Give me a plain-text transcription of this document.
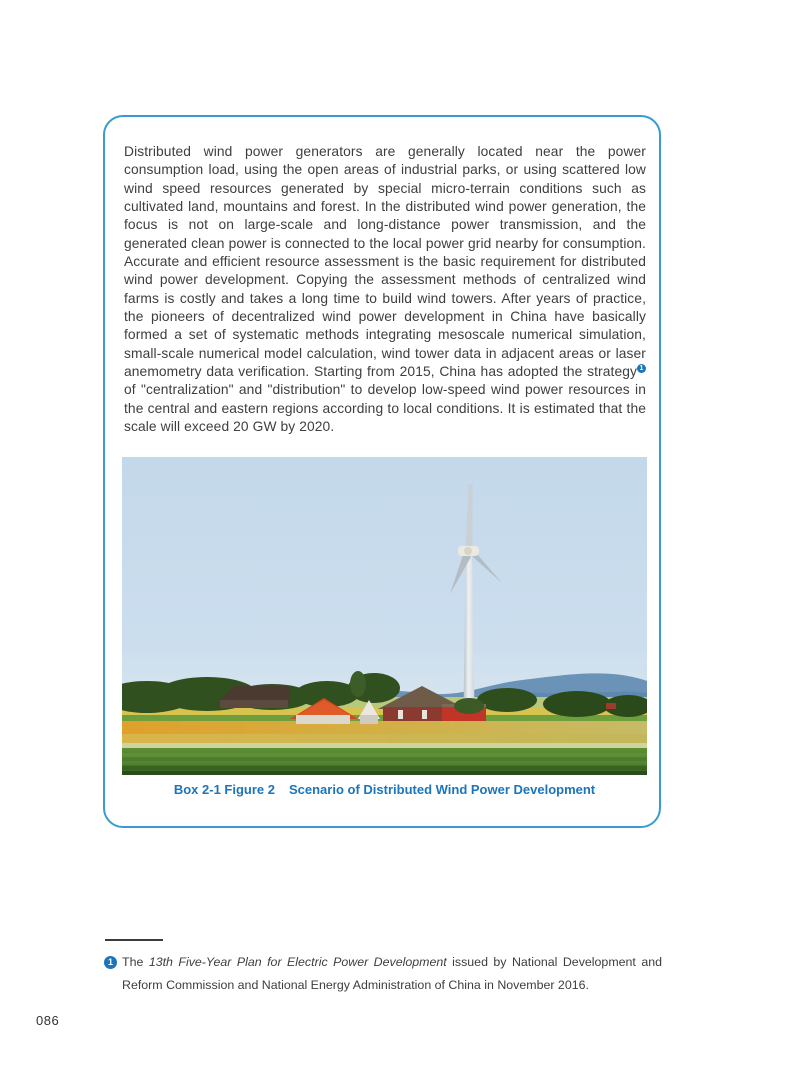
Distributed wind power generators are generally located near the power consumption load, using the open areas of industrial parks, or using scattered low wind speed resources generated by special micro-terrain conditions such as cultivated land, mountains and forest. In the distributed wind power generation, the focus is not on large-scale and long-distance power transmission, and the generated clean power is connected to the local power grid nearby for consumption. Accurate and efficient resource assessment is the basic requirement for distributed wind power development. Copying the assessment methods of centralized wind farms is costly and takes a long time to build wind towers. After years of practice, the pioneers of decentralized wind power development in China have basically formed a set of systematic methods integrating mesoscale numerical simulation, small-scale numerical model calculation, wind tower data in adjacent areas or laser anemometry data verification. Starting from 2015, China has adopted the strategy 1 of "centralization" and "distribution" to develop low-speed wind power resources in the central and eastern regions according to local conditions. It is estimated that the scale will exceed 20 GW by 2020.

Box 2-1 Figure 2 Scenario of Distributed Wind Power Development
1 The 13th Five-Year Plan for Electric Power Development issued by National Development and Reform Commission and National Energy Administration of China in November 2016.

086
